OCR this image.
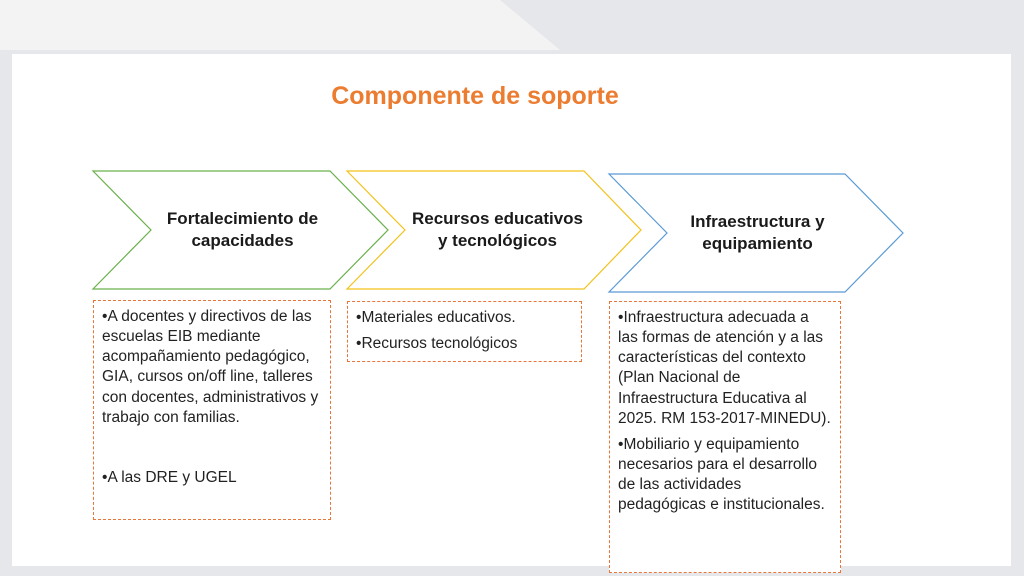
Componente de soporte
Fortalecimiento de capacidades
Recursos educativos y tecnológicos
Infraestructura y equipamiento
• A docentes y directivos de las escuelas EIB mediante acompañamiento pedagógico, GIA, cursos on/off line, talleres con docentes, administrativos y trabajo con familias.
• A las DRE y UGEL
• Materiales educativos.
• Recursos tecnológicos
• Infraestructura adecuada a las formas de atención y a las características del contexto (Plan Nacional de Infraestructura Educativa al 2025. RM 153-2017-MINEDU).
• Mobiliario y equipamiento necesarios para el desarrollo de las actividades pedagógicas e institucionales.
